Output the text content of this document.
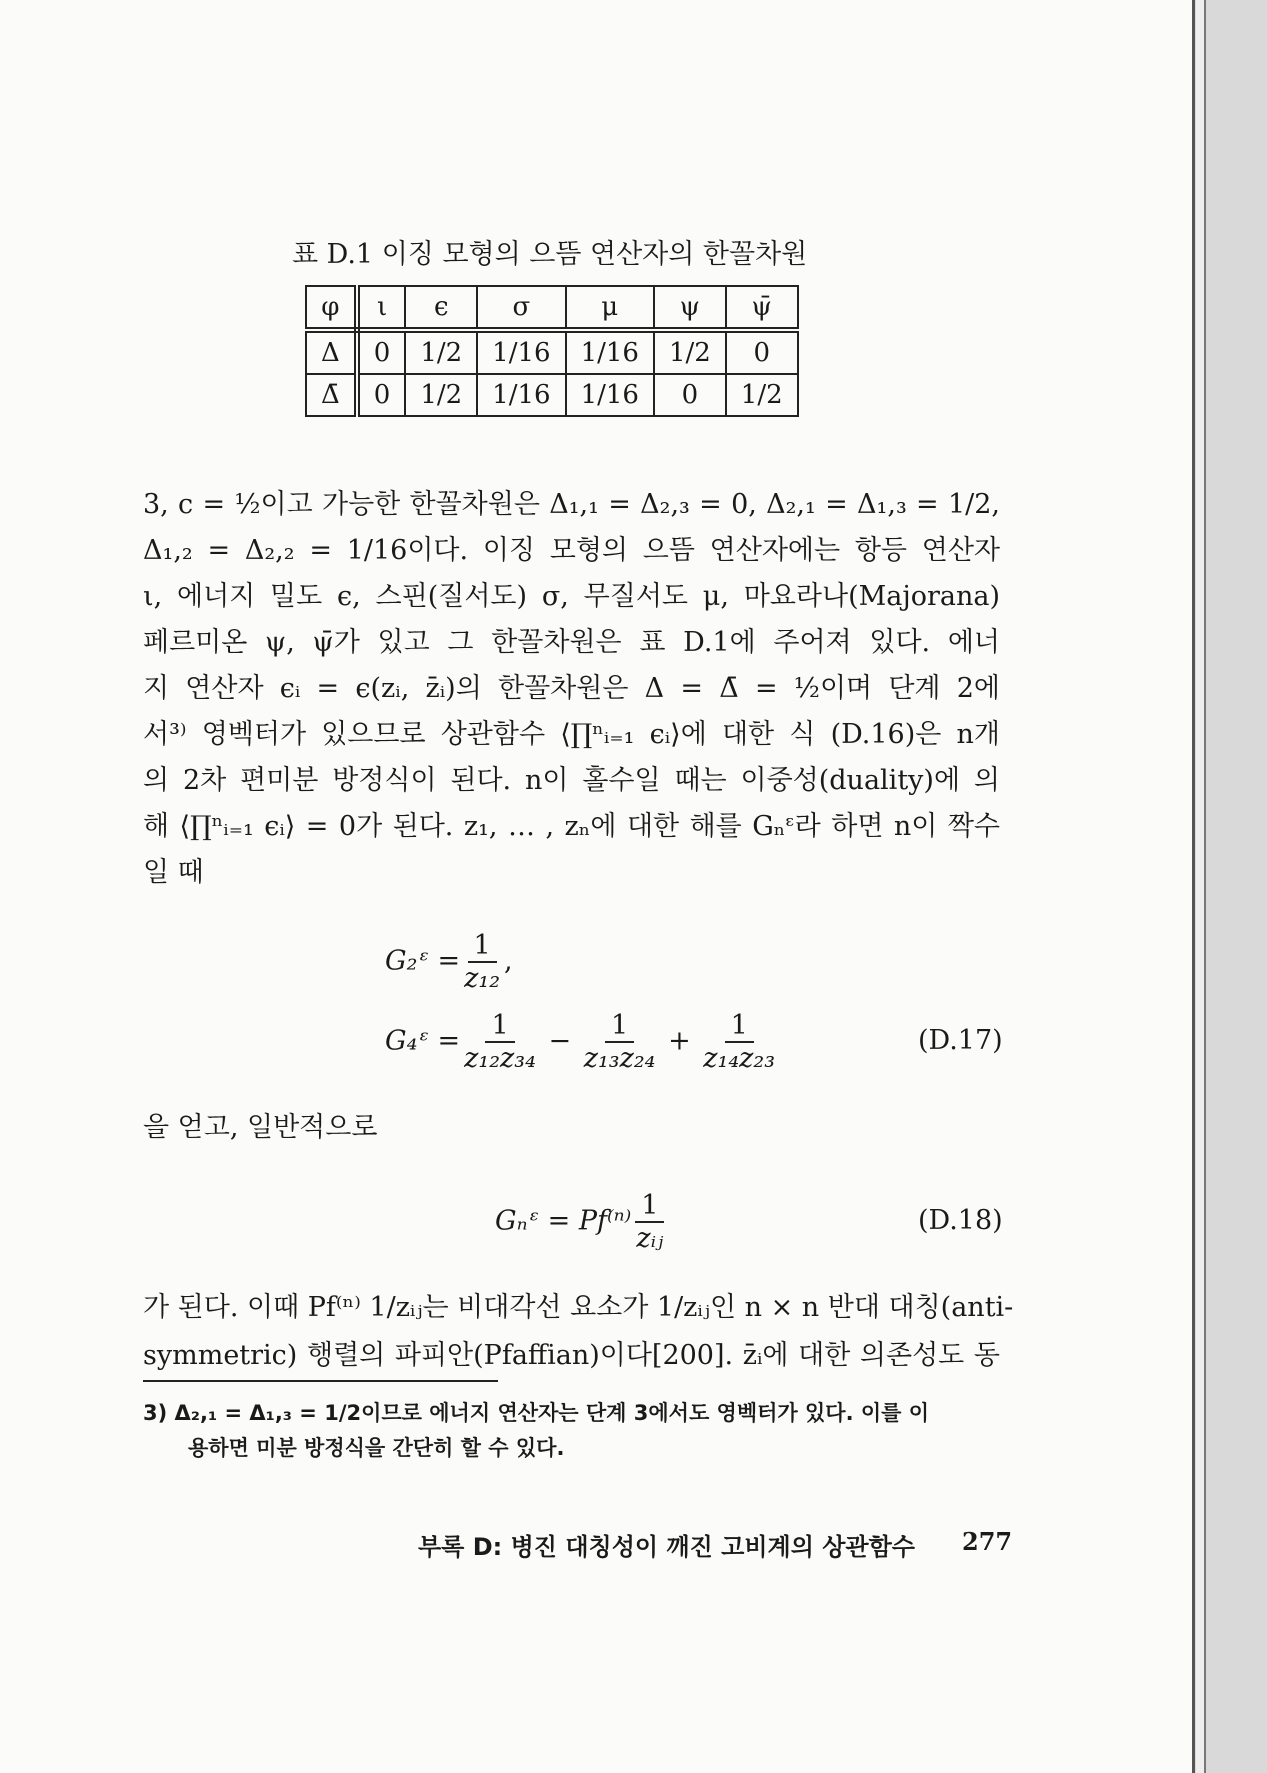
표 D.1 이징 모형의 으뜸 연산자의 한꼴차원
φ	ι	ϵ	σ	μ	ψ	ψ̄
Δ	0	1/2	1/16	1/16	1/2	0
Δ̄	0	1/2	1/16	1/16	0	1/2
3, c = ½이고 가능한 한꼴차원은 Δ₁,₁ = Δ₂,₃ = 0, Δ₂,₁ = Δ₁,₃ = 1/2,
Δ₁,₂ = Δ₂,₂ = 1/16이다. 이징 모형의 으뜸 연산자에는 항등 연산자
ι, 에너지 밀도 ϵ, 스핀(질서도) σ, 무질서도 μ, 마요라나(Majorana)
페르미온 ψ, ψ̄가 있고 그 한꼴차원은 표 D.1에 주어져 있다. 에너
지 연산자 ϵᵢ = ϵ(zᵢ, z̄ᵢ)의 한꼴차원은 Δ = Δ̄ = ½이며 단계 2에
서³⁾ 영벡터가 있으므로 상관함수 ⟨∏ⁿᵢ₌₁ ϵᵢ⟩에 대한 식 (D.16)은 n개
의 2차 편미분 방정식이 된다. n이 홀수일 때는 이중성(duality)에 의
해 ⟨∏ⁿᵢ₌₁ ϵᵢ⟩ = 0가 된다. z₁, … , zₙ에 대한 해를 Gₙᵋ라 하면 n이 짝수
일 때
G₂ᵋ = $\frac{1}{\text{z₁₂}}$ ,
G₄ᵋ = $\frac{1}{\text{z₁₂z₃₄}} - \frac{1}{\text{z₁₃z₂₄}} + \frac{1}{\text{z₁₄z₂₃}}$	(D.17)
을 얻고, 일반적으로
Gₙᵋ = $Pf^{(n)} \frac{1}{\text{zᵢⱼ}}$	(D.18)
가 된다. 이때 Pf⁽ⁿ⁾ 1/zᵢⱼ는 비대각선 요소가 1/zᵢⱼ인 n × n 반대 대칭(anti-
symmetric) 행렬의 파피안(Pfaffian)이다[200]. z̄ᵢ에 대한 의존성도 동
3) Δ₂,₁ = Δ₁,₃ = 1/2이므로 에너지 연산자는 단계 3에서도 영벡터가 있다. 이를 이
용하면 미분 방정식을 간단히 할 수 있다.
부록 D: 병진 대칭성이 깨진 고비계의 상관함수 277
